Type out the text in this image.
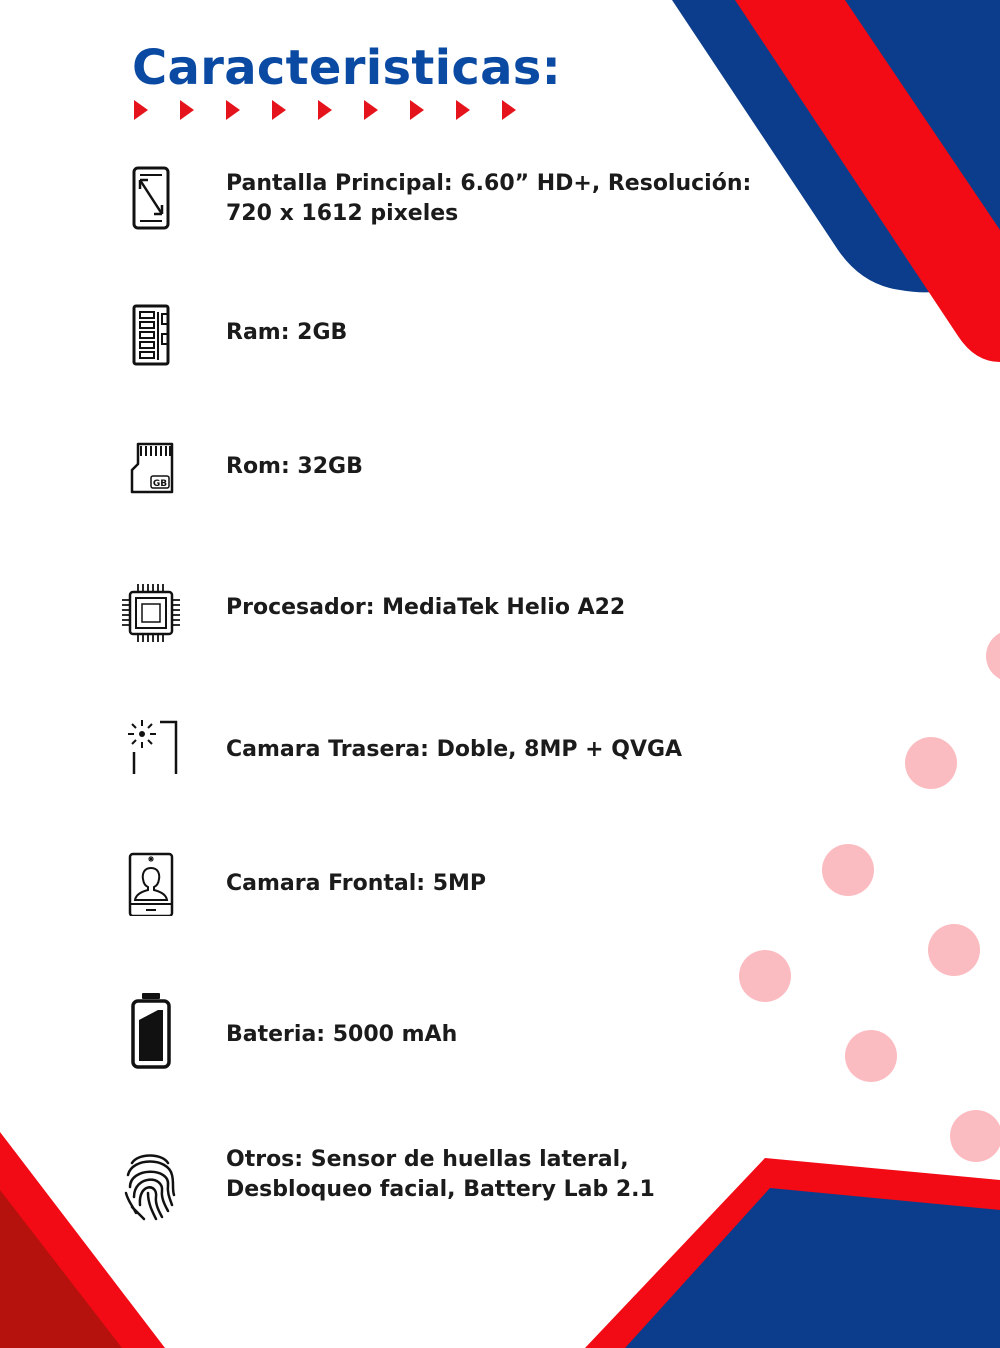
Caracteristicas:
Pantalla Principal: 6.60” HD+, Resolución:
720 x 1612 pixeles
Ram: 2GB
GB
Rom: 32GB
Procesador: MediaTek Helio A22
Camara Trasera: Doble, 8MP + QVGA
Camara Frontal: 5MP
Bateria: 5000 mAh
Otros: Sensor de huellas lateral,
Desbloqueo facial, Battery Lab 2.1
